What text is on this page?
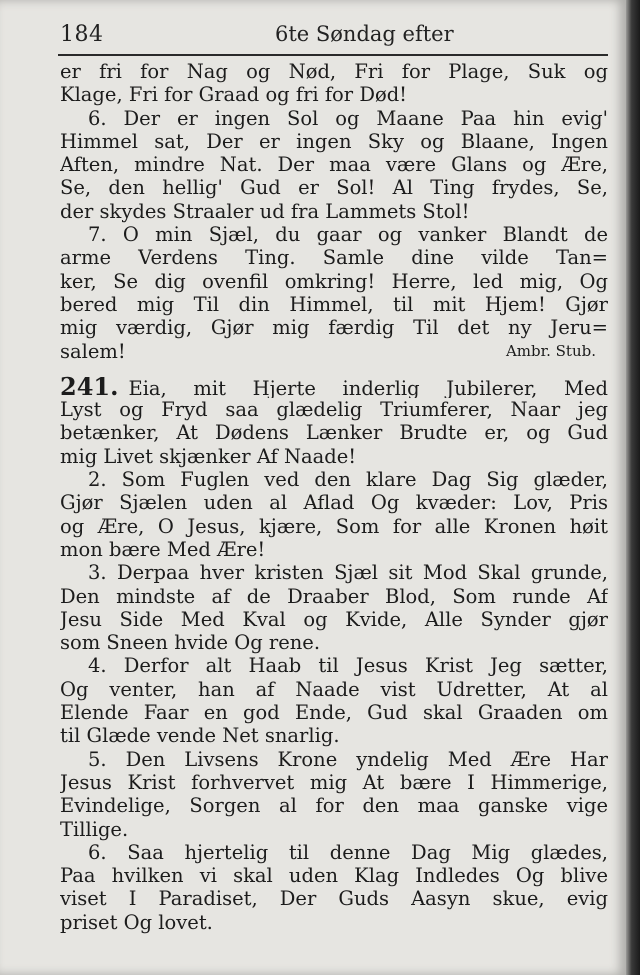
184	6te Søndag efter
er fri for Nag og Nød, Fri for Plage, Suk og
Klage, Fri for Graad og fri for Død!
6. Der er ingen Sol og Maane Paa hin evig'
Himmel sat, Der er ingen Sky og Blaane, Ingen
Aften, mindre Nat. Der maa være Glans og Ære,
Se, den hellig' Gud er Sol! Al Ting frydes, Se,
der skydes Straaler ud fra Lammets Stol!
7. O min Sjæl, du gaar og vanker Blandt de
arme Verdens Ting. Samle dine vilde Tan=
ker, Se dig ovenfil omkring! Herre, led mig, Og
bered mig Til din Himmel, til mit Hjem! Gjør
mig værdig, Gjør mig færdig Til det ny Jeru=
salem!	Ambr. Stub.
241. Eia, mit Hjerte inderlig Jubilerer, Med
Lyst og Fryd saa glædelig Triumferer, Naar jeg
betænker, At Dødens Lænker Brudte er, og Gud
mig Livet skjænker Af Naade!
2. Som Fuglen ved den klare Dag Sig glæder,
Gjør Sjælen uden al Aflad Og kvæder: Lov, Pris
og Ære, O Jesus, kjære, Som for alle Kronen høit
mon bære Med Ære!
3. Derpaa hver kristen Sjæl sit Mod Skal grunde,
Den mindste af de Draaber Blod, Som runde Af
Jesu Side Med Kval og Kvide, Alle Synder gjør
som Sneen hvide Og rene.
4. Derfor alt Haab til Jesus Krist Jeg sætter,
Og venter, han af Naade vist Udretter, At al
Elende Faar en god Ende, Gud skal Graaden om
til Glæde vende Net snarlig.
5. Den Livsens Krone yndelig Med Ære Har
Jesus Krist forhvervet mig At bære I Himmerige,
Evindelige, Sorgen al for den maa ganske vige
Tillige.
6. Saa hjertelig til denne Dag Mig glædes,
Paa hvilken vi skal uden Klag Indledes Og blive
viset I Paradiset, Der Guds Aasyn skue, evig
priset Og lovet.
